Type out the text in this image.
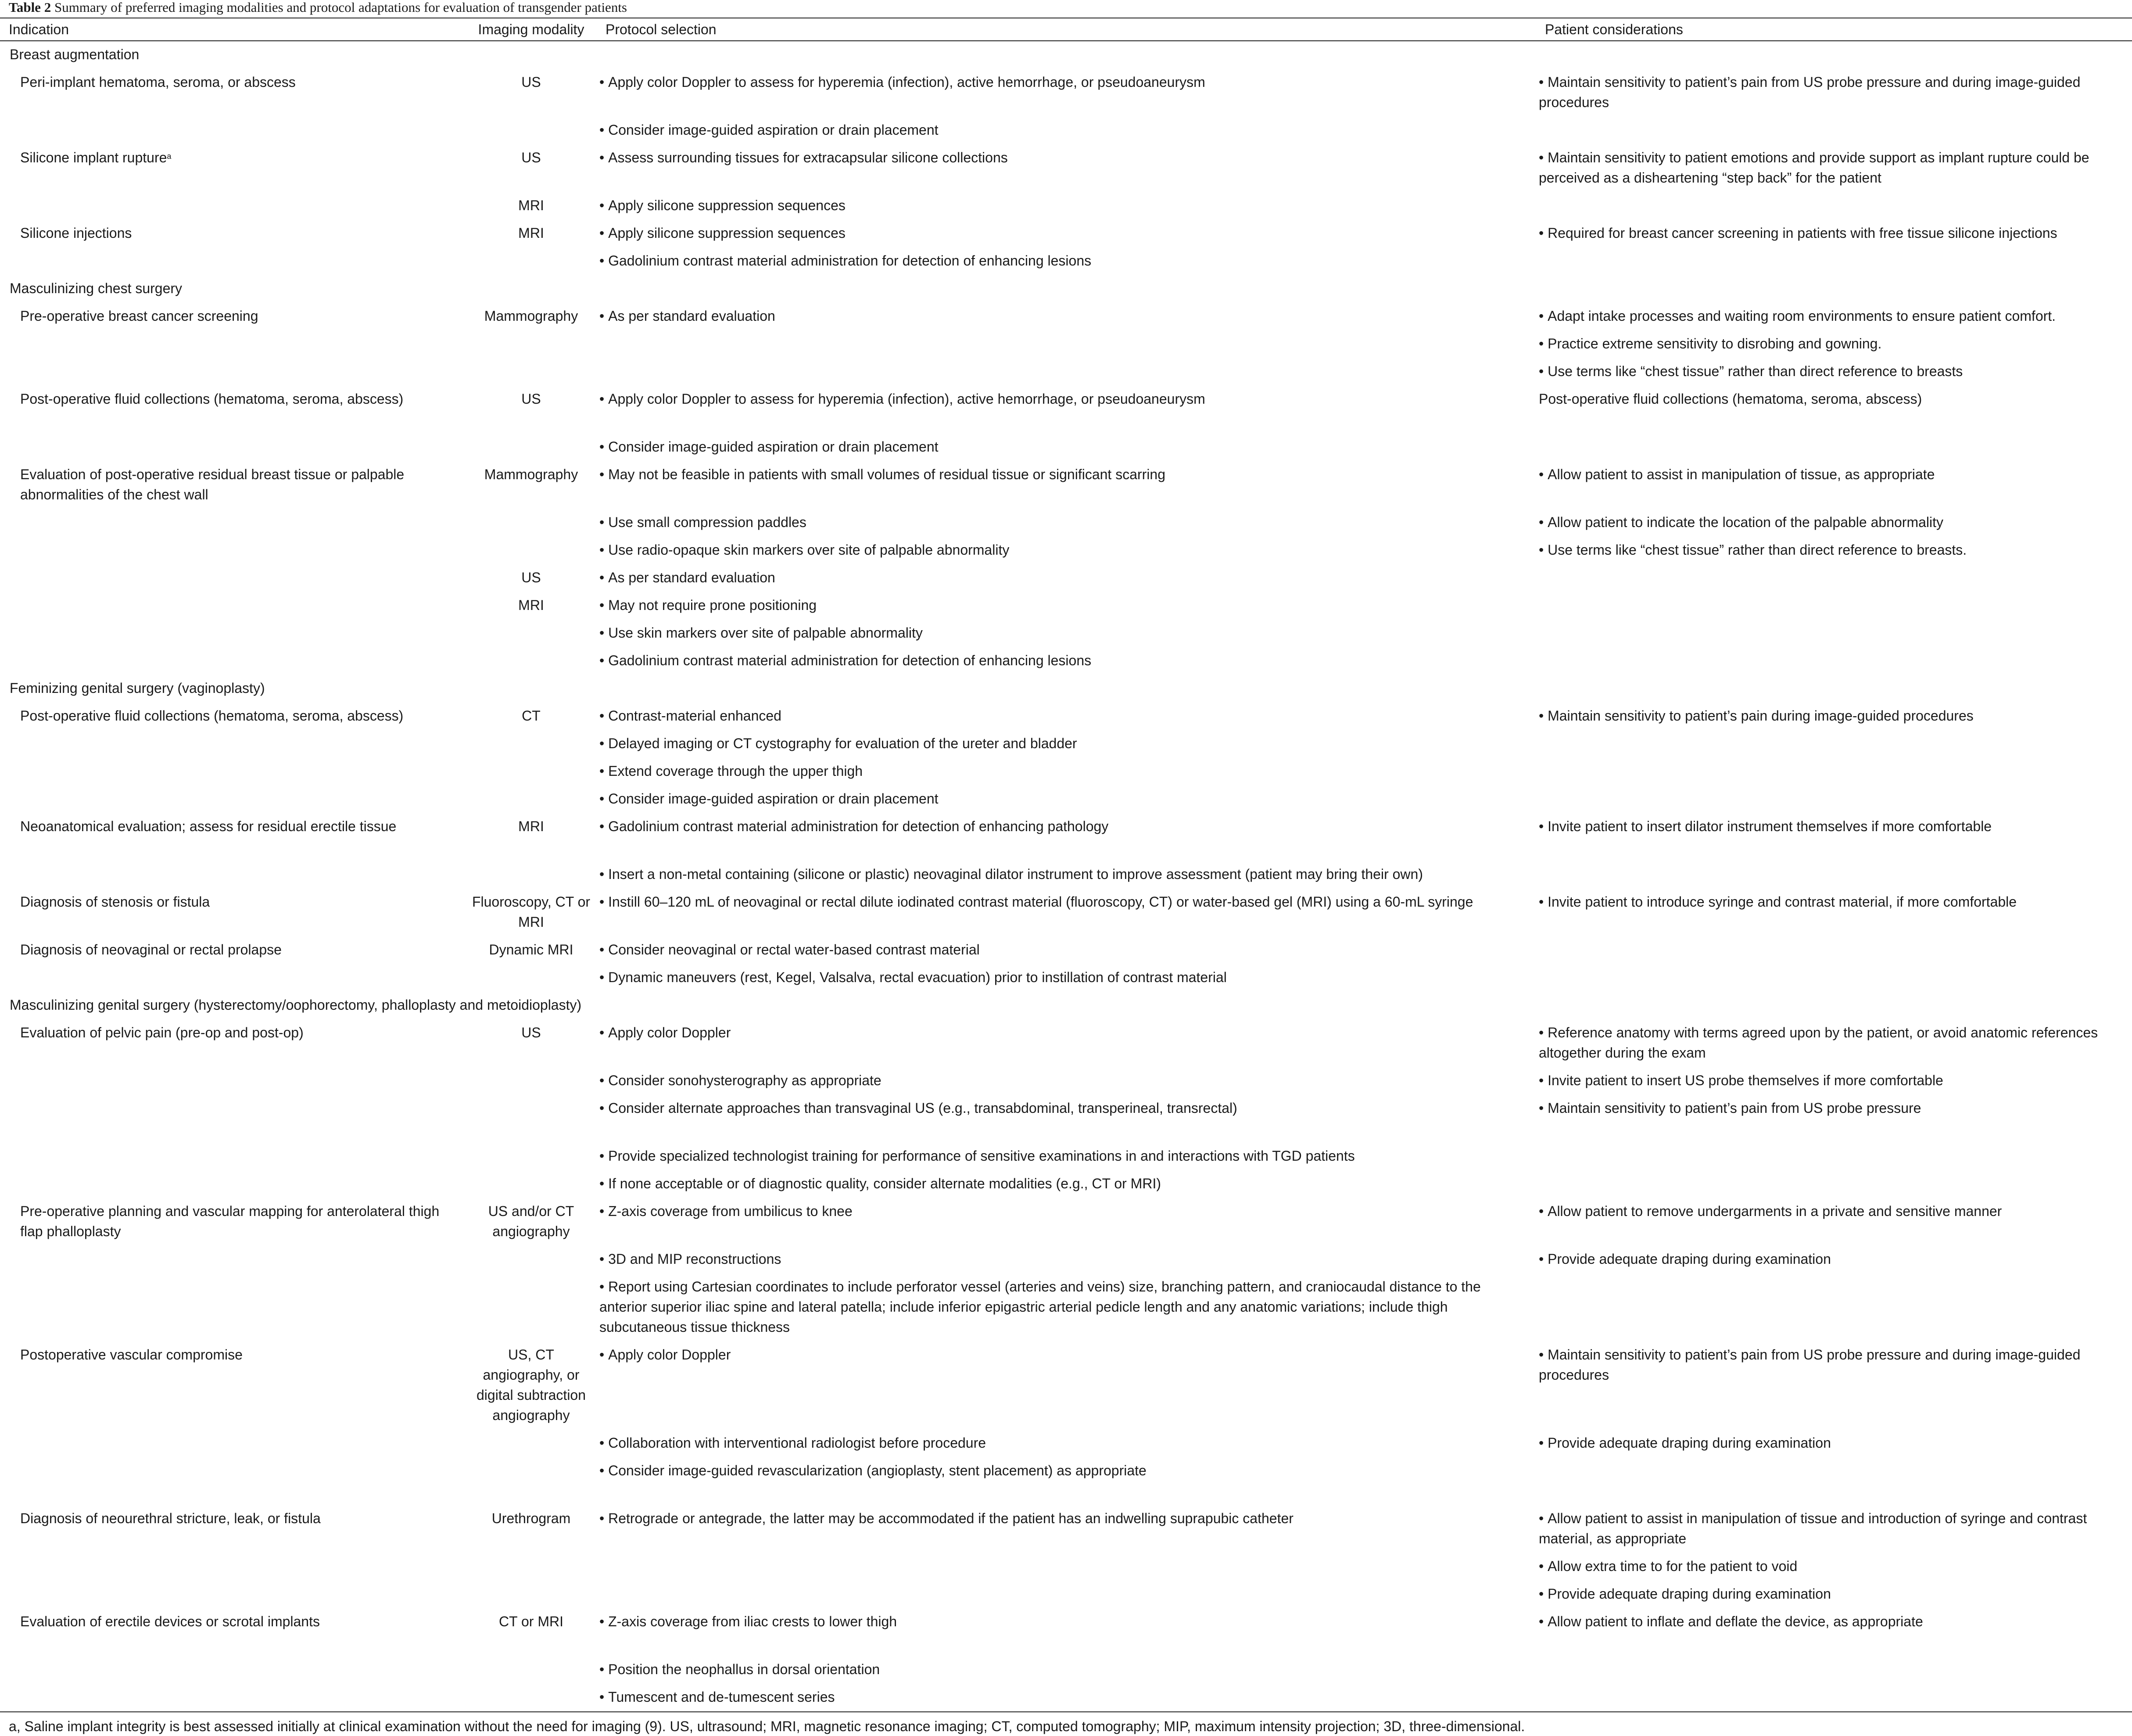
Table 2 Summary of preferred imaging modalities and protocol adaptations for evaluation of transgender patients
Indication	Imaging modality	Protocol selection	Patient considerations
Breast augmentation			
Peri-implant hematoma, seroma, or abscess	US	• Apply color Doppler to assess for hyperemia (infection), active hemorrhage, or pseudoaneurysm	• Maintain sensitivity to patient’s pain from US probe pressure and during image-guided procedures
		• Consider image-guided aspiration or drain placement	
Silicone implant rupture$^a$	US	• Assess surrounding tissues for extracapsular silicone collections	• Maintain sensitivity to patient emotions and provide support as implant rupture could be perceived as a disheartening “step back” for the patient
	MRI	• Apply silicone suppression sequences	
Silicone injections	MRI	• Apply silicone suppression sequences	• Required for breast cancer screening in patients with free tissue silicone injections
		• Gadolinium contrast material administration for detection of enhancing lesions	
Masculinizing chest surgery			
Pre-operative breast cancer screening	Mammography	• As per standard evaluation	• Adapt intake processes and waiting room environments to ensure patient comfort.
			• Practice extreme sensitivity to disrobing and gowning.
			• Use terms like “chest tissue” rather than direct reference to breasts
Post-operative fluid collections (hematoma, seroma, abscess)	US	• Apply color Doppler to assess for hyperemia (infection), active hemorrhage, or pseudoaneurysm	Post-operative fluid collections (hematoma, seroma, abscess)
		• Consider image-guided aspiration or drain placement	
Evaluation of post-operative residual breast tissue or palpable abnormalities of the chest wall	Mammography	• May not be feasible in patients with small volumes of residual tissue or significant scarring	• Allow patient to assist in manipulation of tissue, as appropriate
		• Use small compression paddles	• Allow patient to indicate the location of the palpable abnormality
		• Use radio-opaque skin markers over site of palpable abnormality	• Use terms like “chest tissue” rather than direct reference to breasts.
	US	• As per standard evaluation	
	MRI	• May not require prone positioning	
		• Use skin markers over site of palpable abnormality	
		• Gadolinium contrast material administration for detection of enhancing lesions	
Feminizing genital surgery (vaginoplasty)			
Post-operative fluid collections (hematoma, seroma, abscess)	CT	• Contrast-material enhanced	• Maintain sensitivity to patient’s pain during image-guided procedures
		• Delayed imaging or CT cystography for evaluation of the ureter and bladder	
		• Extend coverage through the upper thigh	
		• Consider image-guided aspiration or drain placement	
Neoanatomical evaluation; assess for residual erectile tissue	MRI	• Gadolinium contrast material administration for detection of enhancing pathology	• Invite patient to insert dilator instrument themselves if more comfortable
		• Insert a non-metal containing (silicone or plastic) neovaginal dilator instrument to improve assessment (patient may bring their own)	
Diagnosis of stenosis or fistula	Fluoroscopy, CT or MRI	• Instill 60–120 mL of neovaginal or rectal dilute iodinated contrast material (fluoroscopy, CT) or water-based gel (MRI) using a 60-mL syringe	• Invite patient to introduce syringe and contrast material, if more comfortable
Diagnosis of neovaginal or rectal prolapse	Dynamic MRI	• Consider neovaginal or rectal water-based contrast material	
		• Dynamic maneuvers (rest, Kegel, Valsalva, rectal evacuation) prior to instillation of contrast material	
Masculinizing genital surgery (hysterectomy/oophorectomy, phalloplasty and metoidioplasty)			
Evaluation of pelvic pain (pre-op and post-op)	US	• Apply color Doppler	• Reference anatomy with terms agreed upon by the patient, or avoid anatomic references altogether during the exam
		• Consider sonohysterography as appropriate	• Invite patient to insert US probe themselves if more comfortable
		• Consider alternate approaches than transvaginal US (e.g., transabdominal, transperineal, transrectal)	• Maintain sensitivity to patient’s pain from US probe pressure
		• Provide specialized technologist training for performance of sensitive examinations in and interactions with TGD patients	
		• If none acceptable or of diagnostic quality, consider alternate modalities (e.g., CT or MRI)	
Pre-operative planning and vascular mapping for anterolateral thigh flap phalloplasty	US and/or CT angiography	• Z-axis coverage from umbilicus to knee	• Allow patient to remove undergarments in a private and sensitive manner
		• 3D and MIP reconstructions	• Provide adequate draping during examination
		• Report using Cartesian coordinates to include perforator vessel (arteries and veins) size, branching pattern, and craniocaudal distance to the anterior superior iliac spine and lateral patella; include inferior epigastric arterial pedicle length and any anatomic variations; include thigh subcutaneous tissue thickness	
Postoperative vascular compromise	US, CT angiography, or digital subtraction angiography	• Apply color Doppler	• Maintain sensitivity to patient’s pain from US probe pressure and during image-guided procedures
		• Collaboration with interventional radiologist before procedure	• Provide adequate draping during examination
		• Consider image-guided revascularization (angioplasty, stent placement) as appropriate	
Diagnosis of neourethral stricture, leak, or fistula	Urethrogram	• Retrograde or antegrade, the latter may be accommodated if the patient has an indwelling suprapubic catheter	• Allow patient to assist in manipulation of tissue and introduction of syringe and contrast material, as appropriate
			• Allow extra time to for the patient to void
			• Provide adequate draping during examination
Evaluation of erectile devices or scrotal implants	CT or MRI	• Z-axis coverage from iliac crests to lower thigh	• Allow patient to inflate and deflate the device, as appropriate
		• Position the neophallus in dorsal orientation	
		• Tumescent and de-tumescent series	
a, Saline implant integrity is best assessed initially at clinical examination without the need for imaging (9). US, ultrasound; MRI, magnetic resonance imaging; CT, computed tomography; MIP, maximum intensity projection; 3D, three-dimensional.
